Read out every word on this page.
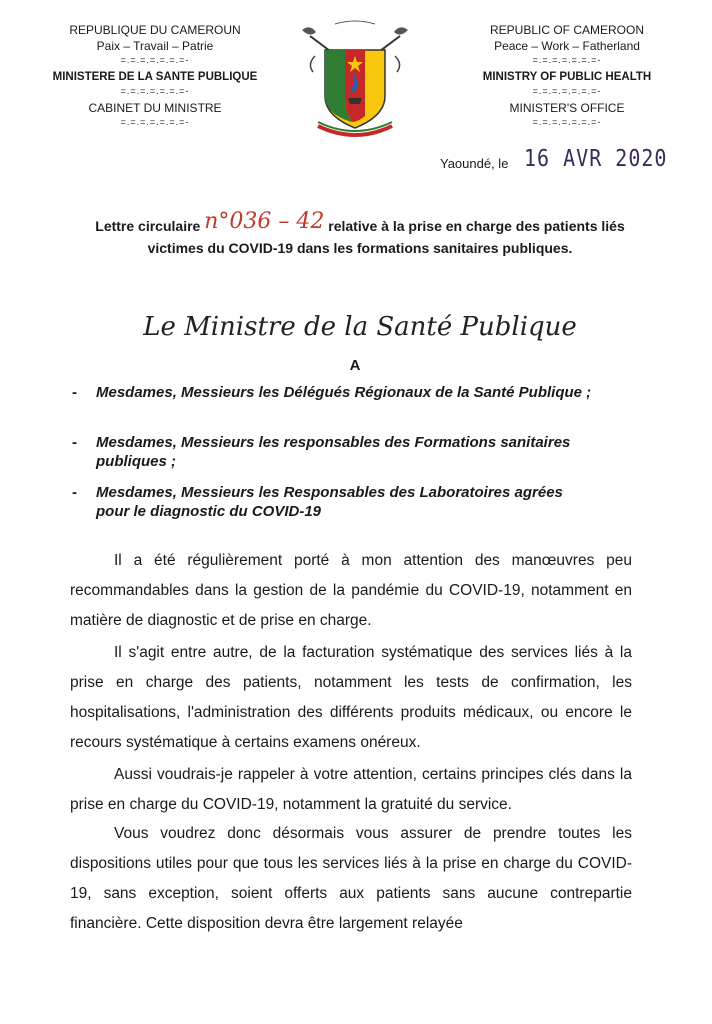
REPUBLIQUE DU CAMEROUN
Paix – Travail – Patrie
=.=.=.=.=.=.=-
MINISTERE DE LA SANTE PUBLIQUE
=.=.=.=.=.=.=-
CABINET DU MINISTRE
=.=.=.=.=.=.=-
REPUBLIC OF CAMEROON
Peace – Work – Fatherland
=.=.=.=.=.=.=-
MINISTRY OF PUBLIC HEALTH
=.=.=.=.=.=.=-
MINISTER'S OFFICE
=.=.=.=.=.=.=-
Yaoundé, le 16 AVR 2020
Lettre circulaire n°036 – 42 relative à la prise en charge des patients liés
victimes du COVID-19 dans les formations sanitaires publiques.
Le Ministre de la Santé Publique
A
- Mesdames, Messieurs les Délégués Régionaux de la Santé Publique ;
- Mesdames, Messieurs les responsables des Formations sanitaires publiques ;
- Mesdames, Messieurs les Responsables des Laboratoires agrées pour le diagnostic du COVID-19

Il a été régulièrement porté à mon attention des manœuvres peu recommandables dans la gestion de la pandémie du COVID-19, notamment en matière de diagnostic et de prise en charge.

Il s'agit entre autre, de la facturation systématique des services liés à la prise en charge des patients, notamment les tests de confirmation, les hospitalisations, l'administration des différents produits médicaux, ou encore le recours systématique à certains examens onéreux.

Aussi voudrais-je rappeler à votre attention, certains principes clés dans la prise en charge du COVID-19, notamment la gratuité du service.

Vous voudrez donc désormais vous assurer de prendre toutes les dispositions utiles pour que tous les services liés à la prise en charge du COVID-19, sans exception, soient offerts aux patients sans aucune contrepartie financière. Cette disposition devra être largement relayée
